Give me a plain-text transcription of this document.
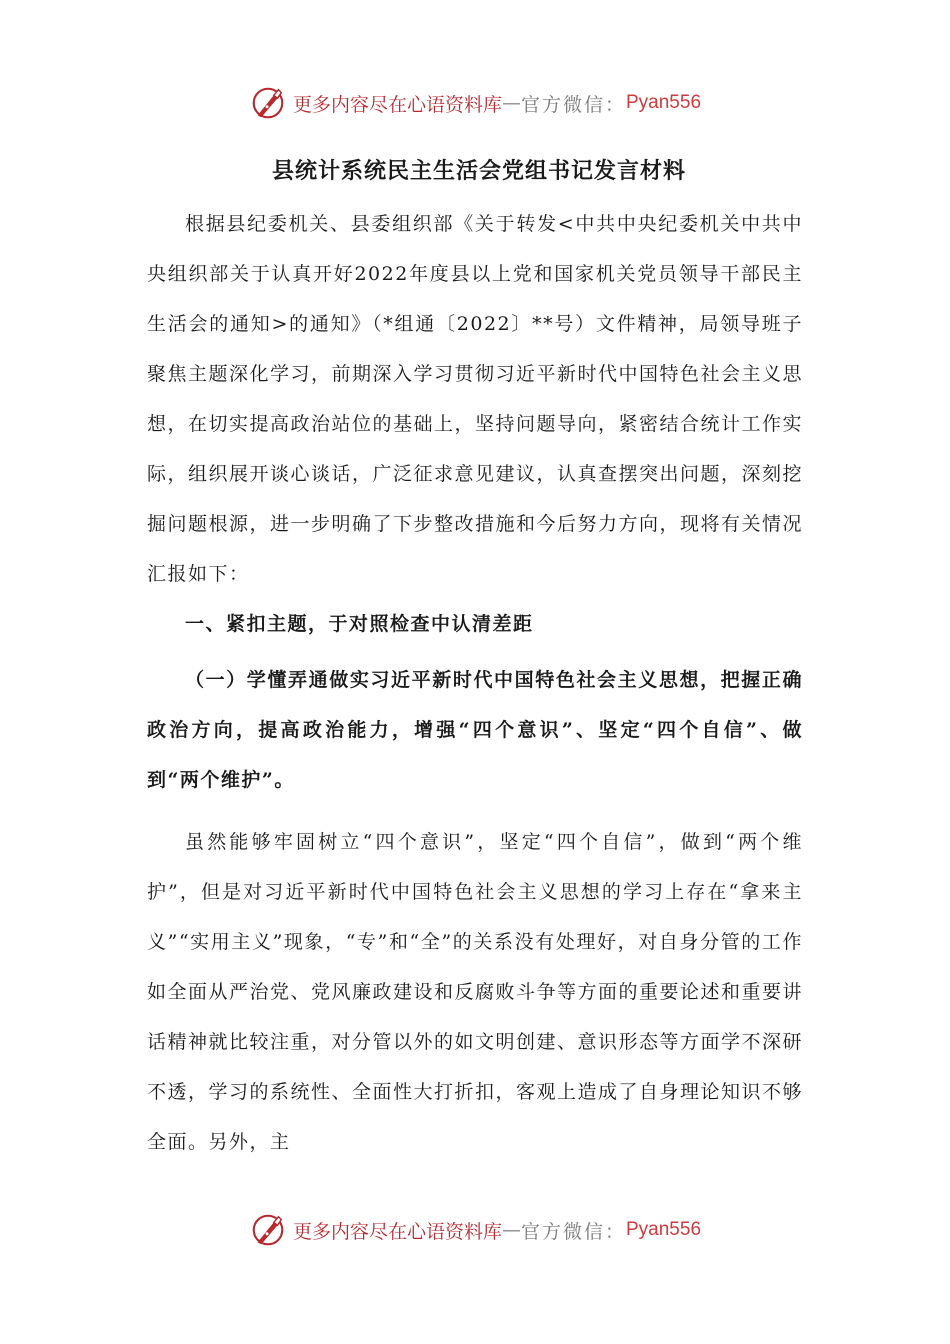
更多内容尽在心语资料库 — 官方微信： Pyan556
县统计系统民主生活会党组书记发言材料

根据县纪委机关、县委组织部《关于转发<中共中央纪委机关中共中央组织部关于认真开好2022年度县以上党和国家机关党员领导干部民主生活会的通知>的通知》（*组通〔2022〕**号）文件精神，局领导班子聚焦主题深化学习，前期深入学习贯彻习近平新时代中国特色社会主义思想，在切实提高政治站位的基础上，坚持问题导向，紧密结合统计工作实际，组织展开谈心谈话，广泛征求意见建议，认真查摆突出问题，深刻挖掘问题根源，进一步明确了下步整改措施和今后努力方向，现将有关情况汇报如下：

一、紧扣主题，于对照检查中认清差距

（一）学懂弄通做实习近平新时代中国特色社会主义思想，把握正确政治方向，提高政治能力，增强“四个意识”、坚定“四个自信”、做到“两个维护”。

虽然能够牢固树立“四个意识”，坚定“四个自信”，做到“两个维护”，但是对习近平新时代中国特色社会主义思想的学习上存在“拿来主义”“实用主义”现象，“专”和“全”的关系没有处理好，对自身分管的工作如全面从严治党、党风廉政建设和反腐败斗争等方面的重要论述和重要讲话精神就比较注重，对分管以外的如文明创建、意识形态等方面学不深研不透，学习的系统性、全面性大打折扣，客观上造成了自身理论知识不够全面。另外，主

更多内容尽在心语资料库 — 官方微信： Pyan556
